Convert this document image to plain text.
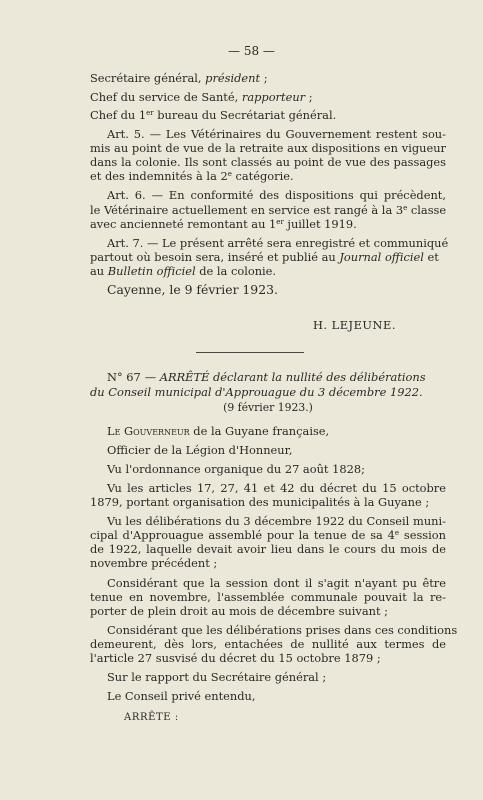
— 58 —
Secrétaire général, président ;
Chef du service de Santé, rapporteur ;
Chef du 1er bureau du Secrétariat général.
Art. 5. — Les Vétérinaires du Gouvernement restent sou-
mis au point de vue de la retraite aux dispositions en vigueur
dans la colonie. Ils sont classés au point de vue des passages
et des indemnités à la 2e catégorie.
Art. 6. — En conformité des dispositions qui précèdent,
le Vétérinaire actuellement en service est rangé à la 3e classe
avec ancienneté remontant au 1er juillet 1919.
Art. 7. — Le présent arrêté sera enregistré et communiqué
partout où besoin sera, inséré et publié au Journal officiel et
au Bulletin officiel de la colonie.
Cayenne, le 9 février 1923.
H. LEJEUNE.
N° 67 — ARRÊTÉ déclarant la nullité des délibérations
du Conseil municipal d'Approuague du 3 décembre 1922.
(9 février 1923.)
Le Gouverneur de la Guyane française,
Officier de la Légion d'Honneur,
Vu l'ordonnance organique du 27 août 1828;
Vu les articles 17, 27, 41 et 42 du décret du 15 octobre
1879, portant organisation des municipalités à la Guyane ;
Vu les délibérations du 3 décembre 1922 du Conseil muni-
cipal d'Approuague assemblé pour la tenue de sa 4e session
de 1922, laquelle devait avoir lieu dans le cours du mois de
novembre précédent ;
Considérant que la session dont il s'agit n'ayant pu être
tenue en novembre, l'assemblée communale pouvait la re-
porter de plein droit au mois de décembre suivant ;
Considérant que les délibérations prises dans ces conditions
demeurent, dès lors, entachées de nullité aux termes de
l'article 27 susvisé du décret du 15 octobre 1879 ;
Sur le rapport du Secrétaire général ;
Le Conseil privé entendu,
ARRÊTE :
